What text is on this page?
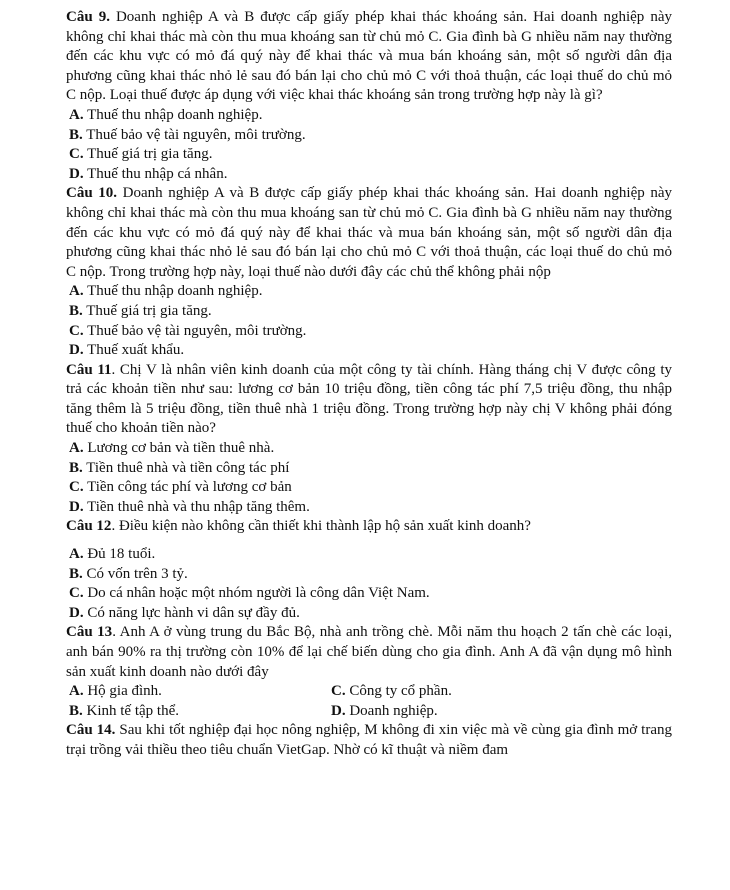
Câu 9. Doanh nghiệp A và B được cấp giấy phép khai thác khoáng sản. Hai doanh nghiệp này không chỉ khai thác mà còn thu mua khoáng san từ chủ mỏ C. Gia đình bà G nhiều năm nay thường đến các khu vực có mỏ đá quý này để khai thác và mua bán khoáng sản, một số người dân địa phương cũng khai thác nhỏ lẻ sau đó bán lại cho chủ mỏ C với thoả thuận, các loại thuế do chủ mỏ C nộp. Loại thuế được áp dụng với việc khai thác khoáng sản trong trường hợp này là gì?

A. Thuế thu nhập doanh nghiệp.
B. Thuế bảo vệ tài nguyên, môi trường.
C. Thuế giá trị gia tăng.
D. Thuế thu nhập cá nhân.

Câu 10. Doanh nghiệp A và B được cấp giấy phép khai thác khoáng sản. Hai doanh nghiệp này không chỉ khai thác mà còn thu mua khoáng san từ chủ mỏ C. Gia đình bà G nhiều năm nay thường đến các khu vực có mỏ đá quý này để khai thác và mua bán khoáng sản, một số người dân địa phương cũng khai thác nhỏ lẻ sau đó bán lại cho chủ mỏ C với thoả thuận, các loại thuế do chủ mỏ C nộp. Trong trường hợp này, loại thuế nào dưới đây các chủ thể không phải nộp

A. Thuế thu nhập doanh nghiệp.
B. Thuế giá trị gia tăng.
C. Thuế bảo vệ tài nguyên, môi trường.
D. Thuế xuất khẩu.

Câu 11. Chị V là nhân viên kinh doanh của một công ty tài chính. Hàng tháng chị V được công ty trả các khoản tiền như sau: lương cơ bản 10 triệu đồng, tiền công tác phí 7,5 triệu đồng, thu nhập tăng thêm là 5 triệu đồng, tiền thuê nhà 1 triệu đồng. Trong trường hợp này chị V không phải đóng thuế cho khoản tiền nào?

A. Lương cơ bản và tiền thuê nhà.
B. Tiền thuê nhà và tiền công tác phí
C. Tiền công tác phí và lương cơ bản
D. Tiền thuê nhà và thu nhập tăng thêm.

Câu 12. Điều kiện nào không cần thiết khi thành lập hộ sản xuất kinh doanh?

A. Đủ 18 tuổi.
B. Có vốn trên 3 tỷ.
C. Do cá nhân hoặc một nhóm người là công dân Việt Nam.
D. Có năng lực hành vi dân sự đầy đủ.

Câu 13. Anh A ở vùng trung du Bắc Bộ, nhà anh trồng chè. Mỗi năm thu hoạch 2 tấn chè các loại, anh bán 90% ra thị trường còn 10% để lại chế biến dùng cho gia đình. Anh A đã vận dụng mô hình sản xuất kinh doanh nào dưới đây

A. Hộ gia đình.	C. Công ty cổ phần.
B. Kinh tế tập thể.	D. Doanh nghiệp.

Câu 14. Sau khi tốt nghiệp đại học nông nghiệp, M không đi xin việc mà về cùng gia đình mở trang trại trồng vải thiều theo tiêu chuẩn VietGap. Nhờ có kĩ thuật và niềm đam
